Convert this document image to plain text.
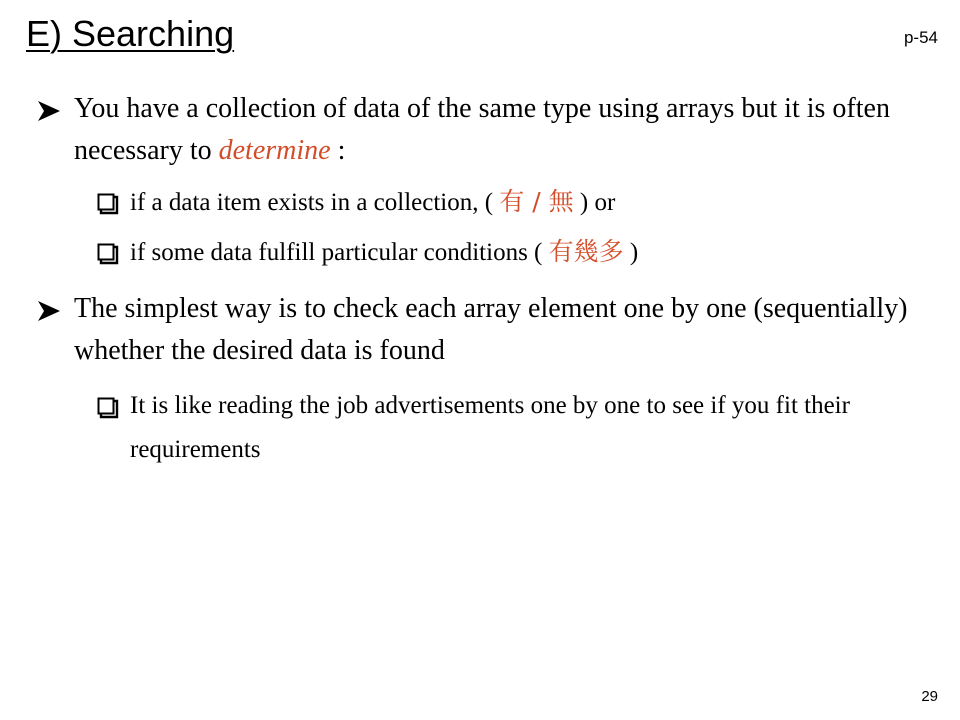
E) Searching	p-54
You have a collection of data of the same type using arrays but it is often necessary to determine :
if a data item exists in a collection, ( 有 / 無 ) or
if some data fulfill particular conditions ( 有幾多 )
The simplest way is to check each array element one by one (sequentially) whether the desired data is found
It is like reading the job advertisements one by one to see if you fit their requirements
29
